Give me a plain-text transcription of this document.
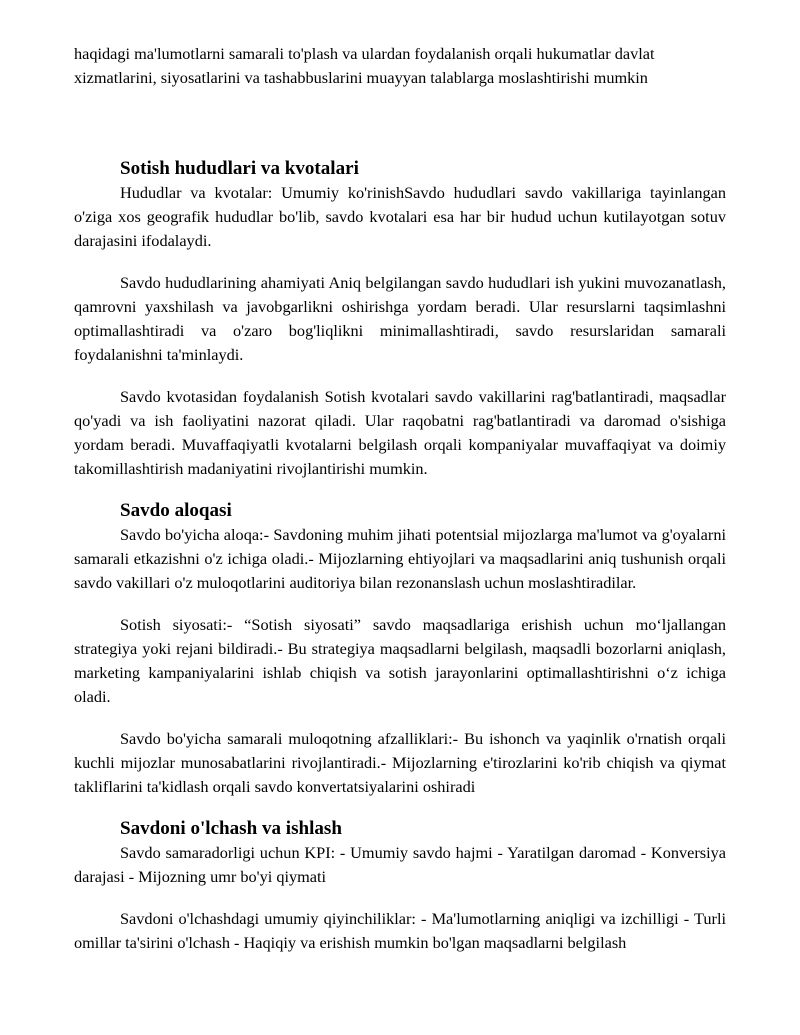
haqidagi ma'lumotlarni samarali to'plash va ulardan foydalanish orqali hukumatlar davlat xizmatlarini, siyosatlarini va tashabbuslarini muayyan talablarga moslashtirishi mumkin

Sotish hududlari va kvotalari

Hududlar va kvotalar: Umumiy ko'rinishSavdo hududlari savdo vakillariga tayinlangan o'ziga xos geografik hududlar bo'lib, savdo kvotalari esa har bir hudud uchun kutilayotgan sotuv darajasini ifodalaydi.

Savdo hududlarining ahamiyati Aniq belgilangan savdo hududlari ish yukini muvozanatlash, qamrovni yaxshilash va javobgarlikni oshirishga yordam beradi. Ular resurslarni taqsimlashni optimallashtiradi va o'zaro bog'liqlikni minimallashtiradi, savdo resurslaridan samarali foydalanishni ta'minlaydi.

Savdo kvotasidan foydalanish Sotish kvotalari savdo vakillarini rag'batlantiradi, maqsadlar qo'yadi va ish faoliyatini nazorat qiladi. Ular raqobatni rag'batlantiradi va daromad o'sishiga yordam beradi. Muvaffaqiyatli kvotalarni belgilash orqali kompaniyalar muvaffaqiyat va doimiy takomillashtirish madaniyatini rivojlantirishi mumkin.

Savdo aloqasi

Savdo bo'yicha aloqa:- Savdoning muhim jihati potentsial mijozlarga ma'lumot va g'oyalarni samarali etkazishni o'z ichiga oladi.- Mijozlarning ehtiyojlari va maqsadlarini aniq tushunish orqali savdo vakillari o'z muloqotlarini auditoriya bilan rezonanslash uchun moslashtiradilar.

Sotish siyosati:- “Sotish siyosati” savdo maqsadlariga erishish uchun mo‘ljallangan strategiya yoki rejani bildiradi.- Bu strategiya maqsadlarni belgilash, maqsadli bozorlarni aniqlash, marketing kampaniyalarini ishlab chiqish va sotish jarayonlarini optimallashtirishni o‘z ichiga oladi.

Savdo bo'yicha samarali muloqotning afzalliklari:- Bu ishonch va yaqinlik o'rnatish orqali kuchli mijozlar munosabatlarini rivojlantiradi.- Mijozlarning e'tirozlarini ko'rib chiqish va qiymat takliflarini ta'kidlash orqali savdo konvertatsiyalarini oshiradi

Savdoni o'lchash va ishlash

Savdo samaradorligi uchun KPI: - Umumiy savdo hajmi - Yaratilgan daromad - Konversiya darajasi - Mijozning umr bo'yi qiymati

Savdoni o'lchashdagi umumiy qiyinchiliklar: - Ma'lumotlarning aniqligi va izchilligi - Turli omillar ta'sirini o'lchash - Haqiqiy va erishish mumkin bo'lgan maqsadlarni belgilash
